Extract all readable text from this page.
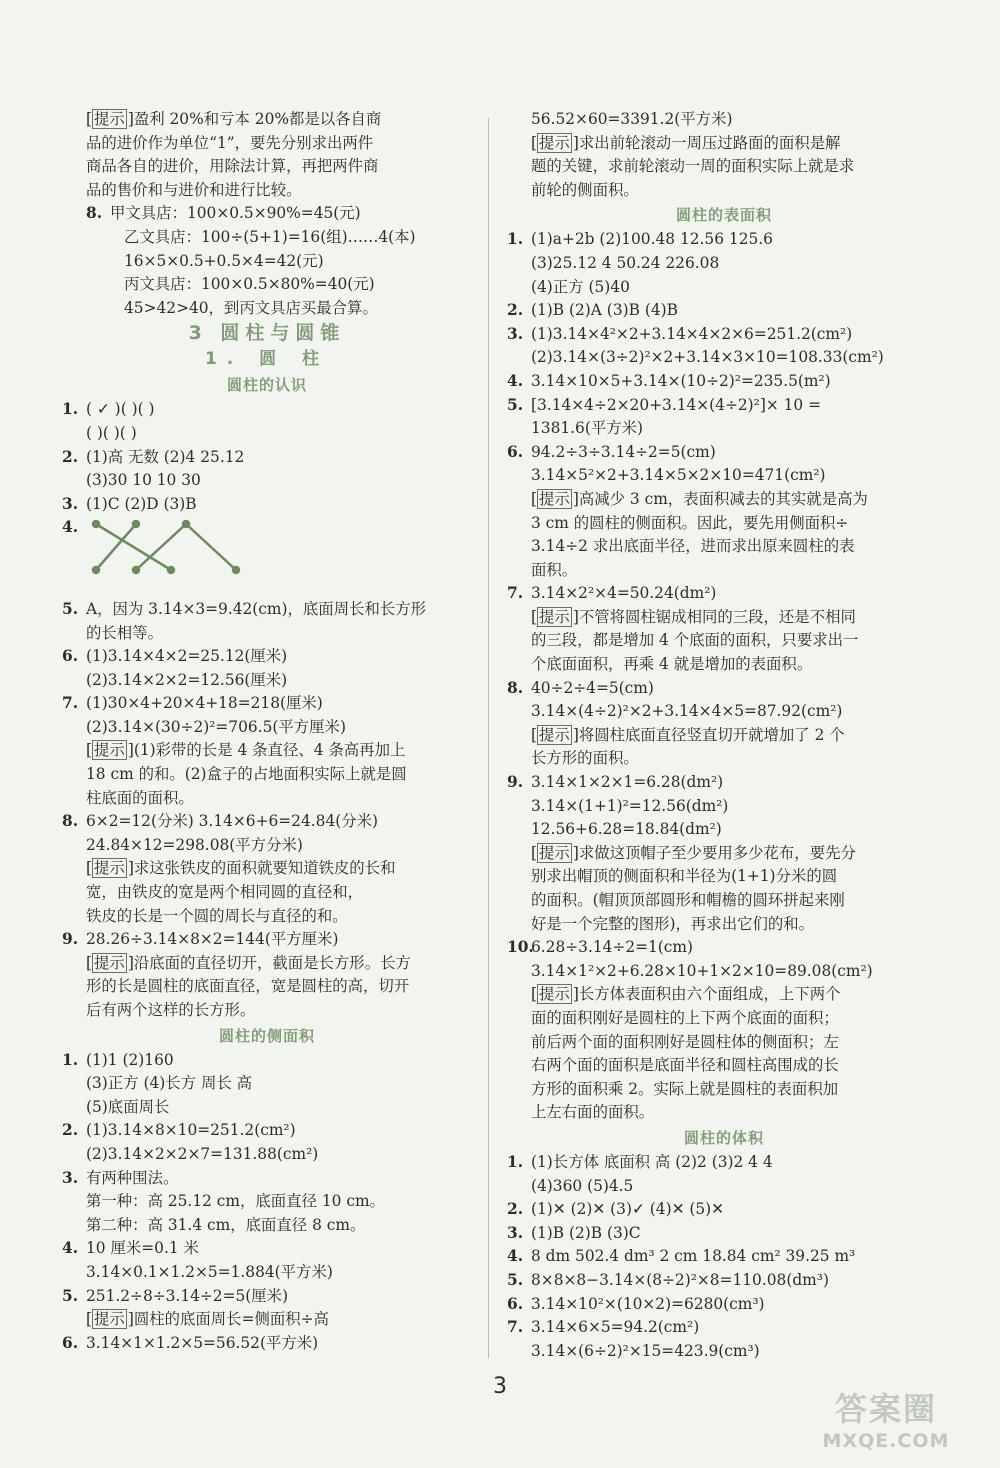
[ 提示 ]盈利 20%和亏本 20%都是以各自商
品的进价作为单位“1”，要先分别求出两件
商品各自的进价，用除法计算，再把两件商
品的售价和与进价和进行比较。
8. 甲文具店：100×0.5×90%=45(元)
乙文具店：100÷(5+1)=16(组)……4(本)
16×5×0.5+0.5×4=42(元)
丙文具店：100×0.5×80%=40(元)
45>42>40，到丙文具店买最合算。
3 圆柱与圆锥
1. 圆 柱
圆柱的认识
1. ( ✓ )( )( )
( )( )( )
2. (1)高 无数 (2)4 25.12
(3)30 10 10 30
3. (1)C (2)D (3)B
4.
5. A，因为 3.14×3=9.42(cm)，底面周长和长方形
的长相等。
6. (1)3.14×4×2=25.12(厘米)
(2)3.14×2×2=12.56(厘米)
7. (1)30×4+20×4+18=218(厘米)
(2)3.14×(30÷2)²=706.5(平方厘米)
[ 提示 ](1)彩带的长是 4 条直径、4 条高再加上
18 cm 的和。(2)盒子的占地面积实际上就是圆
柱底面的面积。
8. 6×2=12(分米) 3.14×6+6=24.84(分米)
24.84×12=298.08(平方分米)
[ 提示 ]求这张铁皮的面积就要知道铁皮的长和
宽，由铁皮的宽是两个相同圆的直径和，
铁皮的长是一个圆的周长与直径的和。
9. 28.26÷3.14×8×2=144(平方厘米)
[ 提示 ]沿底面的直径切开，截面是长方形。长方
形的长是圆柱的底面直径，宽是圆柱的高，切开
后有两个这样的长方形。
圆柱的侧面积
1. (1)1 (2)160
(3)正方 (4)长方 周长 高
(5)底面周长
2. (1)3.14×8×10=251.2(cm²)
(2)3.14×2×2×7=131.88(cm²)
3. 有两种围法。
第一种：高 25.12 cm，底面直径 10 cm。
第二种：高 31.4 cm，底面直径 8 cm。
4. 10 厘米=0.1 米
3.14×0.1×1.2×5=1.884(平方米)
5. 251.2÷8÷3.14÷2=5(厘米)
[ 提示 ]圆柱的底面周长=侧面积÷高
6. 3.14×1×1.2×5=56.52(平方米)
56.52×60=3391.2(平方米)
[ 提示 ]求出前轮滚动一周压过路面的面积是解
题的关键，求前轮滚动一周的面积实际上就是求
前轮的侧面积。
圆柱的表面积
1. (1)a+2b (2)100.48 12.56 125.6
(3)25.12 4 50.24 226.08
(4)正方 (5)40
2. (1)B (2)A (3)B (4)B
3. (1)3.14×4²×2+3.14×4×2×6=251.2(cm²)
(2)3.14×(3÷2)²×2+3.14×3×10=108.33(cm²)
4. 3.14×10×5+3.14×(10÷2)²=235.5(m²)
5. [3.14×4÷2×20+3.14×(4÷2)²]× 10 =
1381.6(平方米)
6. 94.2÷3÷3.14÷2=5(cm)
3.14×5²×2+3.14×5×2×10=471(cm²)
[ 提示 ]高减少 3 cm，表面积减去的其实就是高为
3 cm 的圆柱的侧面积。因此，要先用侧面积÷
3.14÷2 求出底面半径，进而求出原来圆柱的表
面积。
7. 3.14×2²×4=50.24(dm²)
[ 提示 ]不管将圆柱锯成相同的三段，还是不相同
的三段，都是增加 4 个底面的面积，只要求出一
个底面面积，再乘 4 就是增加的表面积。
8. 40÷2÷4=5(cm)
3.14×(4÷2)²×2+3.14×4×5=87.92(cm²)
[ 提示 ]将圆柱底面直径竖直切开就增加了 2 个
长方形的面积。
9. 3.14×1×2×1=6.28(dm²)
3.14×(1+1)²=12.56(dm²)
12.56+6.28=18.84(dm²)
[ 提示 ]求做这顶帽子至少要用多少花布，要先分
别求出帽顶的侧面积和半径为(1+1)分米的圆
的面积。(帽顶顶部圆形和帽檐的圆环拼起来刚
好是一个完整的图形)，再求出它们的和。
10.6.28÷3.14÷2=1(cm)
3.14×1²×2+6.28×10+1×2×10=89.08(cm²)
[ 提示 ]长方体表面积由六个面组成，上下两个
面的面积刚好是圆柱的上下两个底面的面积；
前后两个面的面积刚好是圆柱体的侧面积；左
右两个面的面积是底面半径和圆柱高围成的长
方形的面积乘 2。实际上就是圆柱的表面积加
上左右面的面积。
圆柱的体积
1. (1)长方体 底面积 高 (2)2 (3)2 4 4
(4)360 (5)4.5
2. (1)✕ (2)✕ (3)✓ (4)✕ (5)✕
3. (1)B (2)B (3)C
4. 8 dm 502.4 dm³ 2 cm 18.84 cm² 39.25 m³
5. 8×8×8−3.14×(8÷2)²×8=110.08(dm³)
6. 3.14×10²×(10×2)=6280(cm³)
7. 3.14×6×5=94.2(cm²)
3.14×(6÷2)²×15=423.9(cm³)
3
答案圈
MXQE.COM
